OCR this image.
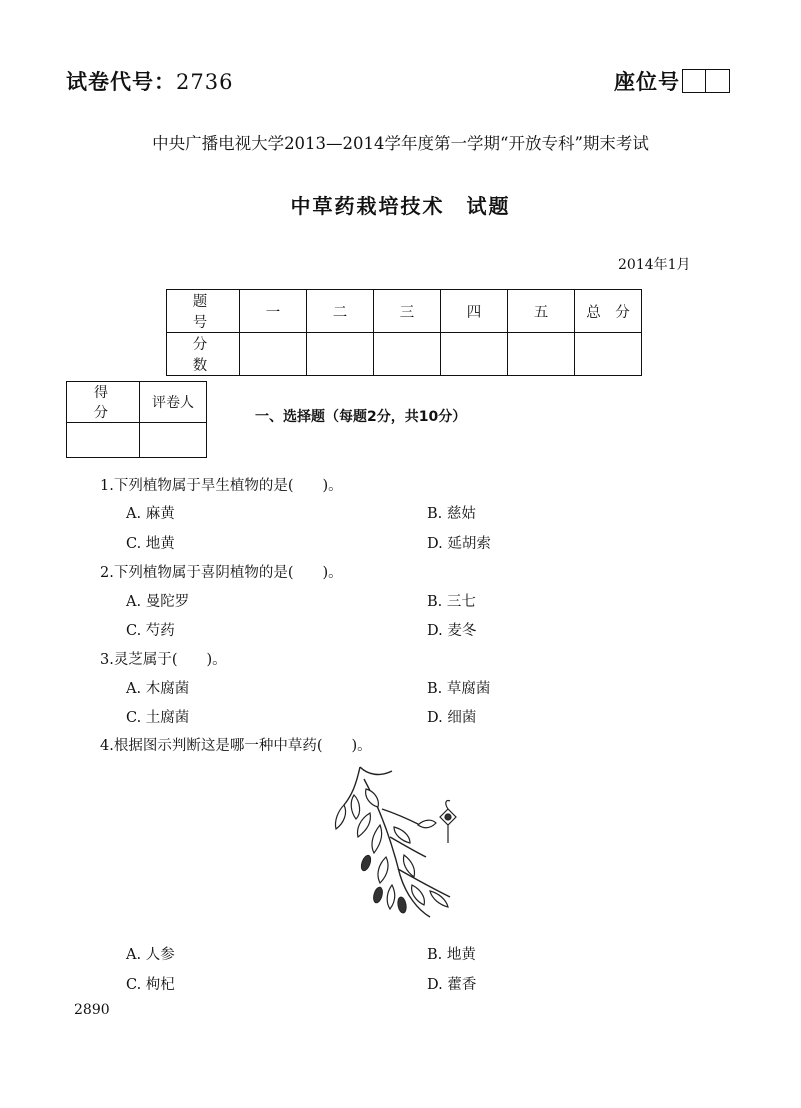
试卷代号：2736	座位号
中央广播电视大学2013—2014学年度第一学期“开放专科”期末考试
中草药栽培技术　试题
2014年1月
题　号	一	二	三	四	五	总　分
分　数						
得　分	评卷人

一、选择题（每题2分，共10分）
1.下列植物属于旱生植物的是(　　)。
A. 麻黄	B. 慈姑
C. 地黄	D. 延胡索
2.下列植物属于喜阴植物的是(　　)。
A. 曼陀罗	B. 三七
C. 芍药	D. 麦冬
3.灵芝属于(　　)。
A. 木腐菌	B. 草腐菌
C. 土腐菌	D. 细菌
4.根据图示判断这是哪一种中草药(　　)。
A. 人参	B. 地黄
C. 枸杞	D. 藿香
2890
